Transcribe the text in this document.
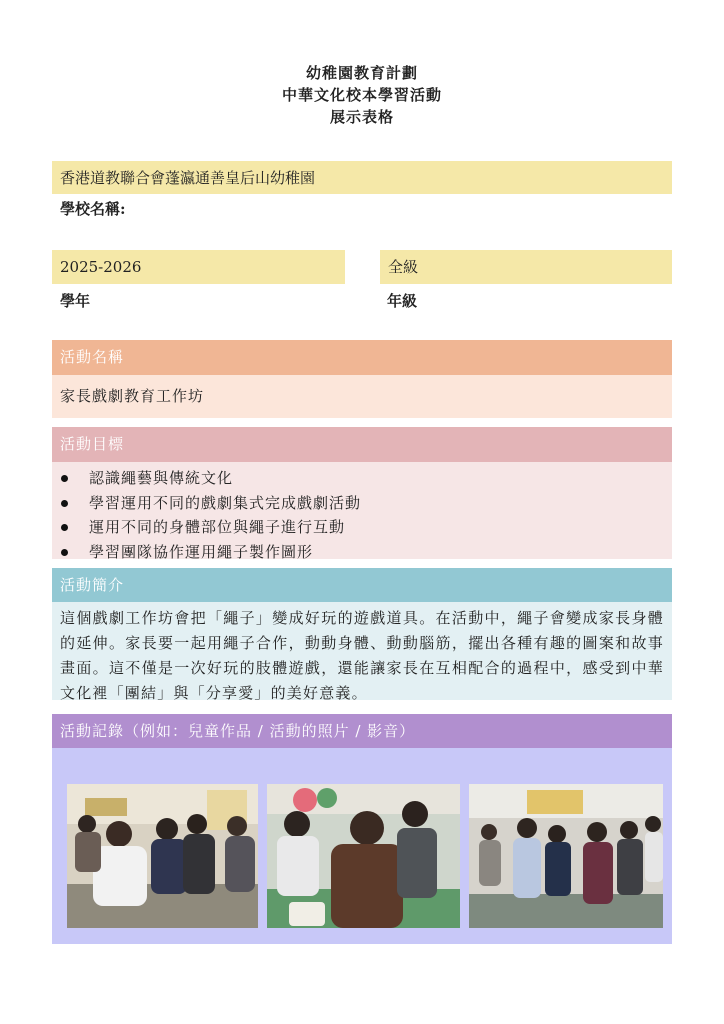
幼稚園教育計劃
中華文化校本學習活動
展示表格
香港道教聯合會蓬瀛通善皇后山幼稚園
學校名稱:
2025-2026
學年
全級
年級
活動名稱
家長戲劇教育工作坊
活動目標
認識繩藝與傳統文化
學習運用不同的戲劇集式完成戲劇活動
運用不同的身體部位與繩子進行互動
學習團隊協作運用繩子製作圖形
活動簡介
這個戲劇工作坊會把「繩子」變成好玩的遊戲道具。在活動中，繩子會變成家長身體的延伸。家長要一起用繩子合作，動動身體、動動腦筋，擺出各種有趣的圖案和故事畫面。這不僅是一次好玩的肢體遊戲，還能讓家長在互相配合的過程中，感受到中華文化裡「團結」與「分享愛」的美好意義。
活動記錄（例如：兒童作品 / 活動的照片 / 影音）
